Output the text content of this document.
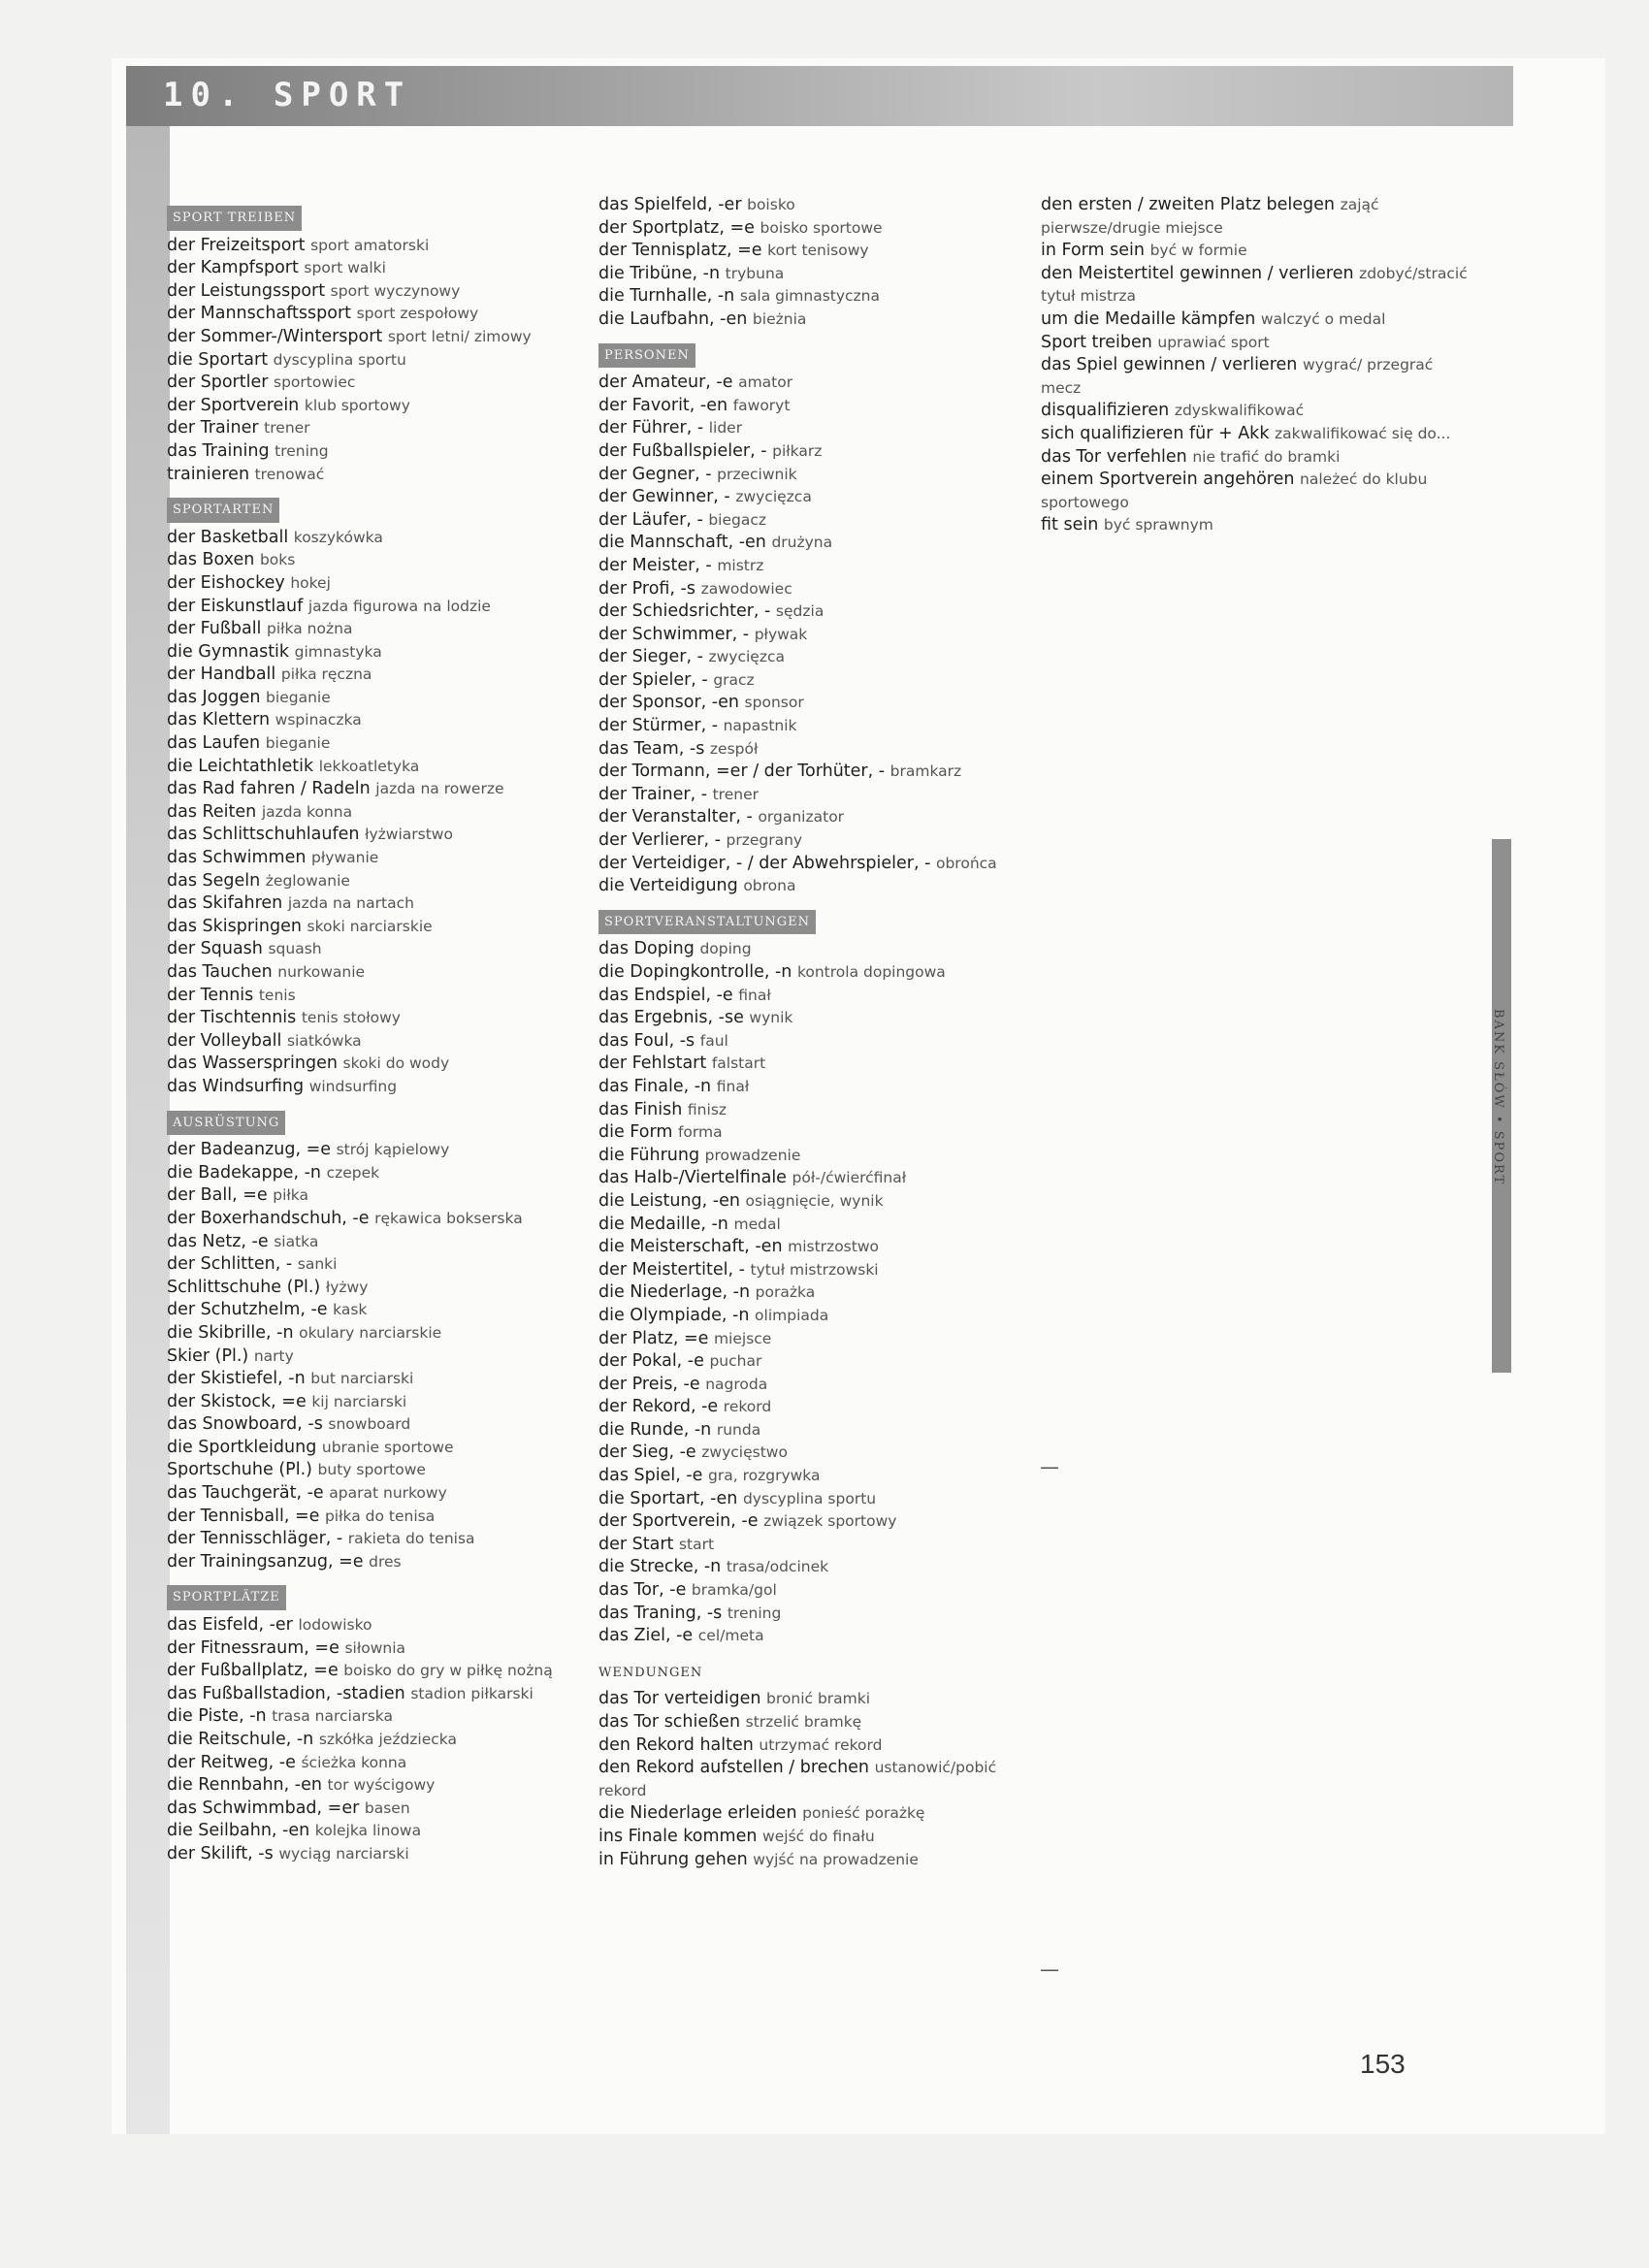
10. SPORT
SPORT TREIBEN
der Freizeitsport sport amatorski
der Kampfsport sport walki
der Leistungssport sport wyczynowy
der Mannschaftssport sport zespołowy
der Sommer-/Wintersport sport letni/ zimowy
die Sportart dyscyplina sportu
der Sportler sportowiec
der Sportverein klub sportowy
der Trainer trener
das Training trening
trainieren trenować
SPORTARTEN
der Basketball koszykówka
das Boxen boks
der Eishockey hokej
der Eiskunstlauf jazda figurowa na lodzie
der Fußball piłka nożna
die Gymnastik gimnastyka
der Handball piłka ręczna
das Joggen bieganie
das Klettern wspinaczka
das Laufen bieganie
die Leichtathletik lekkoatletyka
das Rad fahren / Radeln jazda na rowerze
das Reiten jazda konna
das Schlittschuhlaufen łyżwiarstwo
das Schwimmen pływanie
das Segeln żeglowanie
das Skifahren jazda na nartach
das Skispringen skoki narciarskie
der Squash squash
das Tauchen nurkowanie
der Tennis tenis
der Tischtennis tenis stołowy
der Volleyball siatkówka
das Wasserspringen skoki do wody
das Windsurfing windsurfing
AUSRÜSTUNG
der Badeanzug, =e strój kąpielowy
die Badekappe, -n czepek
der Ball, =e piłka
der Boxerhandschuh, -e rękawica bokserska
das Netz, -e siatka
der Schlitten, - sanki
Schlittschuhe (Pl.) łyżwy
der Schutzhelm, -e kask
die Skibrille, -n okulary narciarskie
Skier (Pl.) narty
der Skistiefel, -n but narciarski
der Skistock, =e kij narciarski
das Snowboard, -s snowboard
die Sportkleidung ubranie sportowe
Sportschuhe (Pl.) buty sportowe
das Tauchgerät, -e aparat nurkowy
der Tennisball, =e piłka do tenisa
der Tennisschläger, - rakieta do tenisa
der Trainingsanzug, =e dres
SPORTPLÄTZE
das Eisfeld, -er lodowisko
der Fitnessraum, =e siłownia
der Fußballplatz, =e boisko do gry w piłkę nożną
das Fußballstadion, -stadien stadion piłkarski
die Piste, -n trasa narciarska
die Reitschule, -n szkółka jeździecka
der Reitweg, -e ścieżka konna
die Rennbahn, -en tor wyścigowy
das Schwimmbad, =er basen
die Seilbahn, -en kolejka linowa
der Skilift, -s wyciąg narciarski
das Spielfeld, -er boisko
der Sportplatz, =e boisko sportowe
der Tennisplatz, =e kort tenisowy
die Tribüne, -n trybuna
die Turnhalle, -n sala gimnastyczna
die Laufbahn, -en bieżnia
PERSONEN
der Amateur, -e amator
der Favorit, -en faworyt
der Führer, - lider
der Fußballspieler, - piłkarz
der Gegner, - przeciwnik
der Gewinner, - zwycięzca
der Läufer, - biegacz
die Mannschaft, -en drużyna
der Meister, - mistrz
der Profi, -s zawodowiec
der Schiedsrichter, - sędzia
der Schwimmer, - pływak
der Sieger, - zwycięzca
der Spieler, - gracz
der Sponsor, -en sponsor
der Stürmer, - napastnik
das Team, -s zespół
der Tormann, =er / der Torhüter, - bramkarz
der Trainer, - trener
der Veranstalter, - organizator
der Verlierer, - przegrany
der Verteidiger, - / der Abwehrspieler, - obrońca
die Verteidigung obrona
SPORTVERANSTALTUNGEN
das Doping doping
die Dopingkontrolle, -n kontrola dopingowa
das Endspiel, -e finał
das Ergebnis, -se wynik
das Foul, -s faul
der Fehlstart falstart
das Finale, -n finał
das Finish finisz
die Form forma
die Führung prowadzenie
das Halb-/Viertelfinale pół-/ćwierćfinał
die Leistung, -en osiągnięcie, wynik
die Medaille, -n medal
die Meisterschaft, -en mistrzostwo
der Meistertitel, - tytuł mistrzowski
die Niederlage, -n porażka
die Olympiade, -n olimpiada
der Platz, =e miejsce
der Pokal, -e puchar
der Preis, -e nagroda
der Rekord, -e rekord
die Runde, -n runda
der Sieg, -e zwycięstwo
das Spiel, -e gra, rozgrywka
die Sportart, -en dyscyplina sportu
der Sportverein, -e związek sportowy
der Start start
die Strecke, -n trasa/odcinek
das Tor, -e bramka/gol
das Traning, -s trening
das Ziel, -e cel/meta
WENDUNGEN
das Tor verteidigen bronić bramki
das Tor schießen strzelić bramkę
den Rekord halten utrzymać rekord
den Rekord aufstellen / brechen ustanowić/pobić rekord
die Niederlage erleiden ponieść porażkę
ins Finale kommen wejść do finału
in Führung gehen wyjść na prowadzenie
den ersten / zweiten Platz belegen zająć pierwsze/drugie miejsce
in Form sein być w formie
den Meistertitel gewinnen / verlieren zdobyć/stracić tytuł mistrza
um die Medaille kämpfen walczyć o medal
Sport treiben uprawiać sport
das Spiel gewinnen / verlieren wygrać/ przegrać mecz
disqualifizieren zdyskwalifikować
sich qualifizieren für + Akk zakwalifikować się do...
das Tor verfehlen nie trafić do bramki
einem Sportverein angehören należeć do klubu sportowego
fit sein być sprawnym
BANK SŁÓW • SPORT
—
—
153
